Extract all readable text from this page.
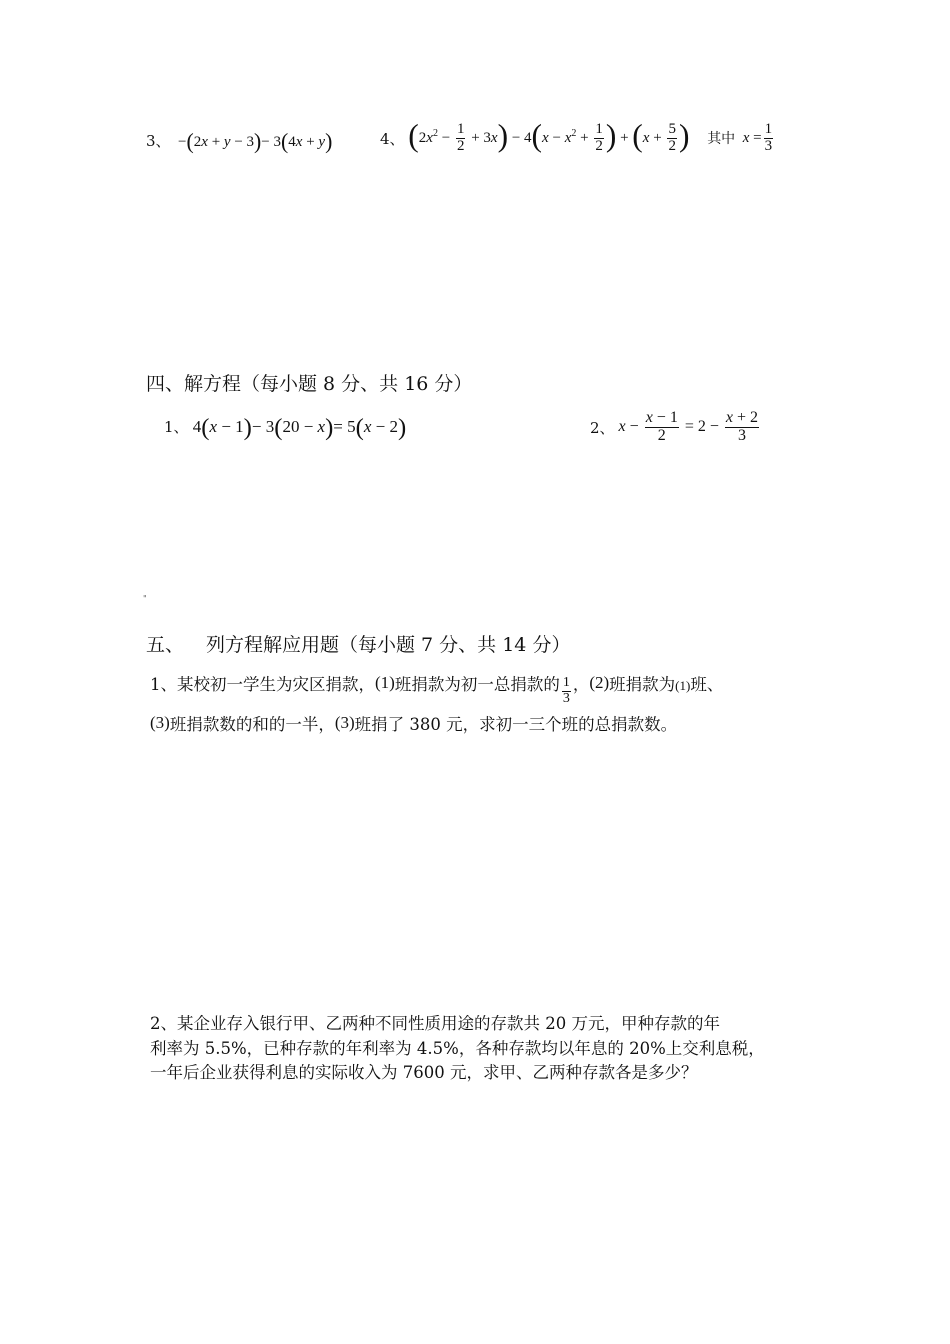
3、  −(2x + y − 3)− 3(4x + y)	4、 $(2x^2 - \frac{1}{2} + 3x) - 4(x - x^2 + \frac{1}{2}$ ) + ($x + \frac{5}{2}$ ) 其中 $x = \frac{1}{3}$
四、解方程（每小题 8 分、共 16 分）
1、 4(x − 1)− 3(20 − x)= 5(x − 2)	2、 $x - \frac{x - 1}{2} = 2 - \frac{x + 2}{3}$
"
五、 列方程解应用题（每小题 7 分、共 14 分）
1、某校初一学生为灾区捐款，(1)班捐款为初一总捐款的 $\frac{1}{3}$ ，(2)班捐款为(1)班、
(3)班捐款数的和的一半，(3)班捐了 380 元，求初一三个班的总捐款数。
2、某企业存入银行甲、乙两种不同性质用途的存款共 20 万元，甲种存款的年
利率为 5.5%，已种存款的年利率为 4.5%，各种存款均以年息的 20%上交利息税，
一年后企业获得利息的实际收入为 7600 元，求甲、乙两种存款各是多少？
